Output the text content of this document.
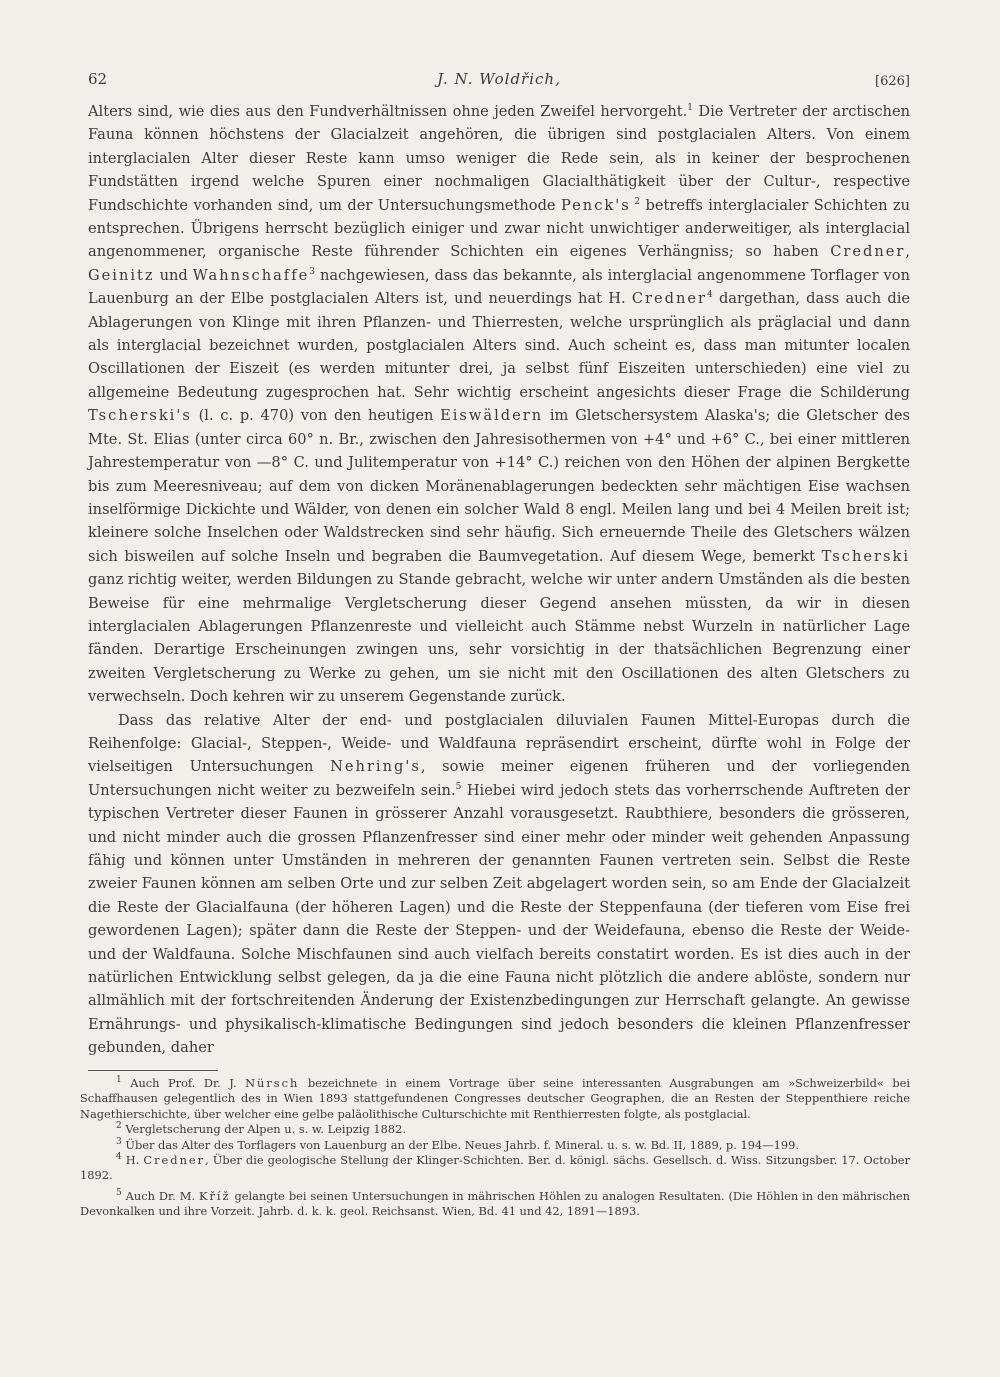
62	J. N. Woldřich,	[626]

Alters sind, wie dies aus den Fundverhältnissen ohne jeden Zweifel hervorgeht.$^1$ Die Vertreter der arctischen Fauna können höchstens der Glacialzeit angehören, die übrigen sind postglacialen Alters. Von einem interglacialen Alter dieser Reste kann umso weniger die Rede sein, als in keiner der besprochenen Fundstätten irgend welche Spuren einer nochmaligen Glacialthätigkeit über der Cultur-, respective Fundschichte vorhanden sind, um der Untersuchungsmethode Penck's $^2$ betreffs interglacialer Schichten zu entsprechen. Übrigens herrscht bezüglich einiger und zwar nicht unwichtiger anderweitiger, als interglacial angenommener, organische Reste führender Schichten ein eigenes Verhängniss; so haben Credner, Geinitz und Wahnschaffe$^3$ nachgewiesen, dass das bekannte, als interglacial angenommene Torflager von Lauenburg an der Elbe postglacialen Alters ist, und neuerdings hat H. Credner$^4$ dargethan, dass auch die Ablagerungen von Klinge mit ihren Pflanzen- und Thierresten, welche ursprünglich als präglacial und dann als interglacial bezeichnet wurden, postglacialen Alters sind. Auch scheint es, dass man mitunter localen Oscillationen der Eiszeit (es werden mitunter drei, ja selbst fünf Eiszeiten unterschieden) eine viel zu allgemeine Bedeutung zugesprochen hat. Sehr wichtig erscheint angesichts dieser Frage die Schilderung Tscherski's (l. c. p. 470) von den heutigen Eiswäldern im Gletschersystem Alaska's; die Gletscher des Mte. St. Elias (unter circa 60° n. Br., zwischen den Jahresisothermen von +4° und +6° C., bei einer mittleren Jahrestemperatur von —8° C. und Julitemperatur von +14° C.) reichen von den Höhen der alpinen Bergkette bis zum Meeresniveau; auf dem von dicken Moränenablagerungen bedeckten sehr mächtigen Eise wachsen inselförmige Dickichte und Wälder, von denen ein solcher Wald 8 engl. Meilen lang und bei 4 Meilen breit ist; kleinere solche Inselchen oder Waldstrecken sind sehr häufig. Sich erneuernde Theile des Gletschers wälzen sich bisweilen auf solche Inseln und begraben die Baumvegetation. Auf diesem Wege, bemerkt Tscherski ganz richtig weiter, werden Bildungen zu Stande gebracht, welche wir unter andern Umständen als die besten Beweise für eine mehrmalige Vergletscherung dieser Gegend ansehen müssten, da wir in diesen interglacialen Ablagerungen Pflanzenreste und vielleicht auch Stämme nebst Wurzeln in natürlicher Lage fänden. Derartige Erscheinungen zwingen uns, sehr vorsichtig in der thatsächlichen Begrenzung einer zweiten Vergletscherung zu Werke zu gehen, um sie nicht mit den Oscillationen des alten Gletschers zu verwechseln. Doch kehren wir zu unserem Gegenstande zurück.

Dass das relative Alter der end- und postglacialen diluvialen Faunen Mittel-Europas durch die Reihenfolge: Glacial-, Steppen-, Weide- und Waldfauna repräsendirt erscheint, dürfte wohl in Folge der vielseitigen Untersuchungen Nehring's, sowie meiner eigenen früheren und der vorliegenden Untersuchungen nicht weiter zu bezweifeln sein.$^5$ Hiebei wird jedoch stets das vorherrschende Auftreten der typischen Vertreter dieser Faunen in grösserer Anzahl vorausgesetzt. Raubthiere, besonders die grösseren, und nicht minder auch die grossen Pflanzenfresser sind einer mehr oder minder weit gehenden Anpassung fähig und können unter Umständen in mehreren der genannten Faunen vertreten sein. Selbst die Reste zweier Faunen können am selben Orte und zur selben Zeit abgelagert worden sein, so am Ende der Glacialzeit die Reste der Glacialfauna (der höheren Lagen) und die Reste der Steppenfauna (der tieferen vom Eise frei gewordenen Lagen); später dann die Reste der Steppen- und der Weidefauna, ebenso die Reste der Weide- und der Waldfauna. Solche Mischfaunen sind auch vielfach bereits constatirt worden. Es ist dies auch in der natürlichen Entwicklung selbst gelegen, da ja die eine Fauna nicht plötzlich die andere ablöste, sondern nur allmählich mit der fortschreitenden Änderung der Existenzbedingungen zur Herrschaft gelangte. An gewisse Ernährungs- und physikalisch-klimatische Bedingungen sind jedoch besonders die kleinen Pflanzenfresser gebunden, daher

$^1$ Auch Prof. Dr. J. Nürsch bezeichnete in einem Vortrage über seine interessanten Ausgrabungen am »Schweizerbild« bei Schaffhausen gelegentlich des in Wien 1893 stattgefundenen Congresses deutscher Geographen, die an Resten der Steppenthiere reiche Nagethierschichte, über welcher eine gelbe paläolithische Culturschichte mit Renthierresten folgte, als postglacial.

$^2$ Vergletscherung der Alpen u. s. w. Leipzig 1882.

$^3$ Über das Alter des Torflagers von Lauenburg an der Elbe. Neues Jahrb. f. Mineral. u. s. w. Bd. II, 1889, p. 194—199.

$^4$ H. Credner, Über die geologische Stellung der Klinger-Schichten. Ber. d. königl. sächs. Gesellsch. d. Wiss. Sitzungsber. 17. October 1892.

$^5$ Auch Dr. M. Kříž gelangte bei seinen Untersuchungen in mährischen Höhlen zu analogen Resultaten. (Die Höhlen in den mährischen Devonkalken und ihre Vorzeit. Jahrb. d. k. k. geol. Reichsanst. Wien, Bd. 41 und 42, 1891—1893.
